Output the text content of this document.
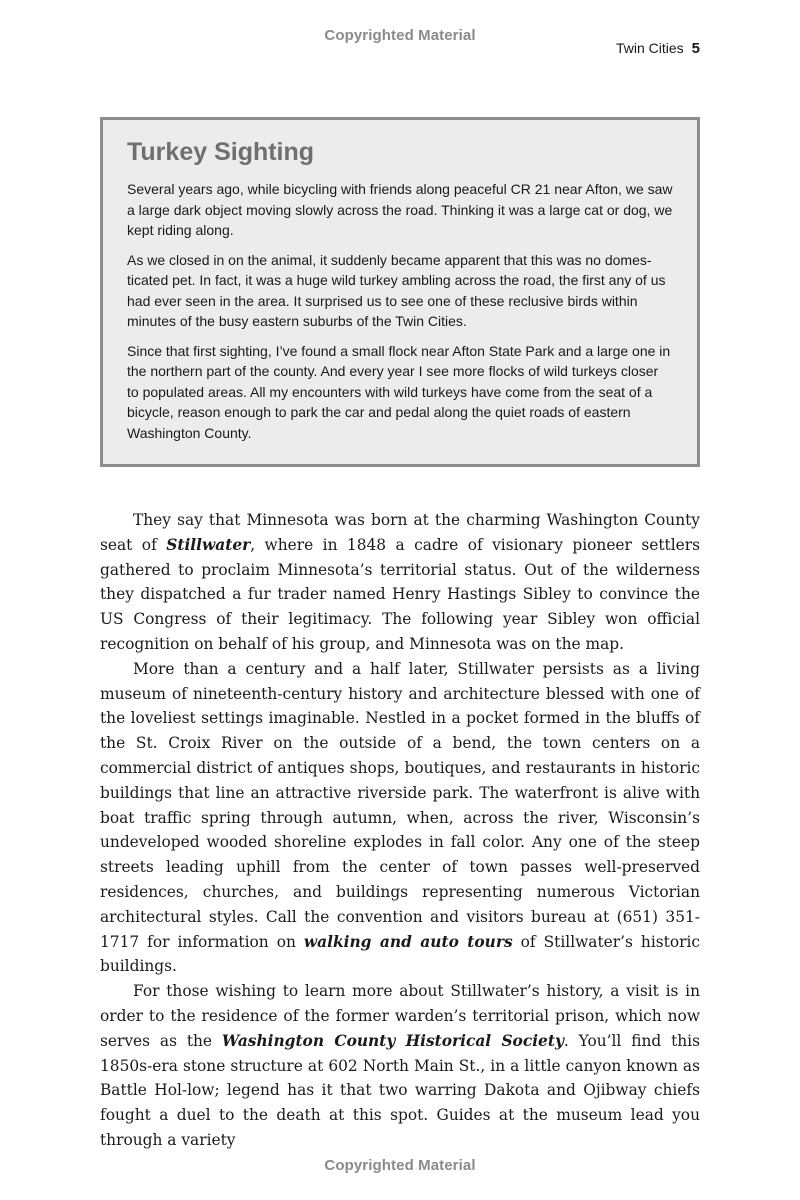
Copyrighted Material
Twin Cities 5
Turkey Sighting

Several years ago, while bicycling with friends along peaceful CR 21 near Afton, we saw a large dark object moving slowly across the road. Thinking it was a large cat or dog, we kept riding along.

As we closed in on the animal, it suddenly became apparent that this was no domes-ticated pet. In fact, it was a huge wild turkey ambling across the road, the first any of us had ever seen in the area. It surprised us to see one of these reclusive birds within minutes of the busy eastern suburbs of the Twin Cities.

Since that first sighting, I’ve found a small flock near Afton State Park and a large one in the northern part of the county. And every year I see more flocks of wild turkeys closer to populated areas. All my encounters with wild turkeys have come from the seat of a bicycle, reason enough to park the car and pedal along the quiet roads of eastern Washington County.

They say that Minnesota was born at the charming Washington County seat of Stillwater, where in 1848 a cadre of visionary pioneer settlers gathered to proclaim Minnesota’s territorial status. Out of the wilderness they dispatched a fur trader named Henry Hastings Sibley to convince the US Congress of their legitimacy. The following year Sibley won official recognition on behalf of his group, and Minnesota was on the map.

More than a century and a half later, Stillwater persists as a living museum of nineteenth-century history and architecture blessed with one of the loveliest settings imaginable. Nestled in a pocket formed in the bluffs of the St. Croix River on the outside of a bend, the town centers on a commercial district of antiques shops, boutiques, and restaurants in historic buildings that line an attractive riverside park. The waterfront is alive with boat traffic spring through autumn, when, across the river, Wisconsin’s undeveloped wooded shoreline explodes in fall color. Any one of the steep streets leading uphill from the center of town passes well-preserved residences, churches, and buildings representing numerous Victorian architectural styles. Call the convention and visitors bureau at (651) 351-1717 for information on walking and auto tours of Stillwater’s historic buildings.

For those wishing to learn more about Stillwater’s history, a visit is in order to the residence of the former warden’s territorial prison, which now serves as the Washington County Historical Society. You’ll find this 1850s-era stone structure at 602 North Main St., in a little canyon known as Battle Hol-low; legend has it that two warring Dakota and Ojibway chiefs fought a duel to the death at this spot. Guides at the museum lead you through a variety

Copyrighted Material
